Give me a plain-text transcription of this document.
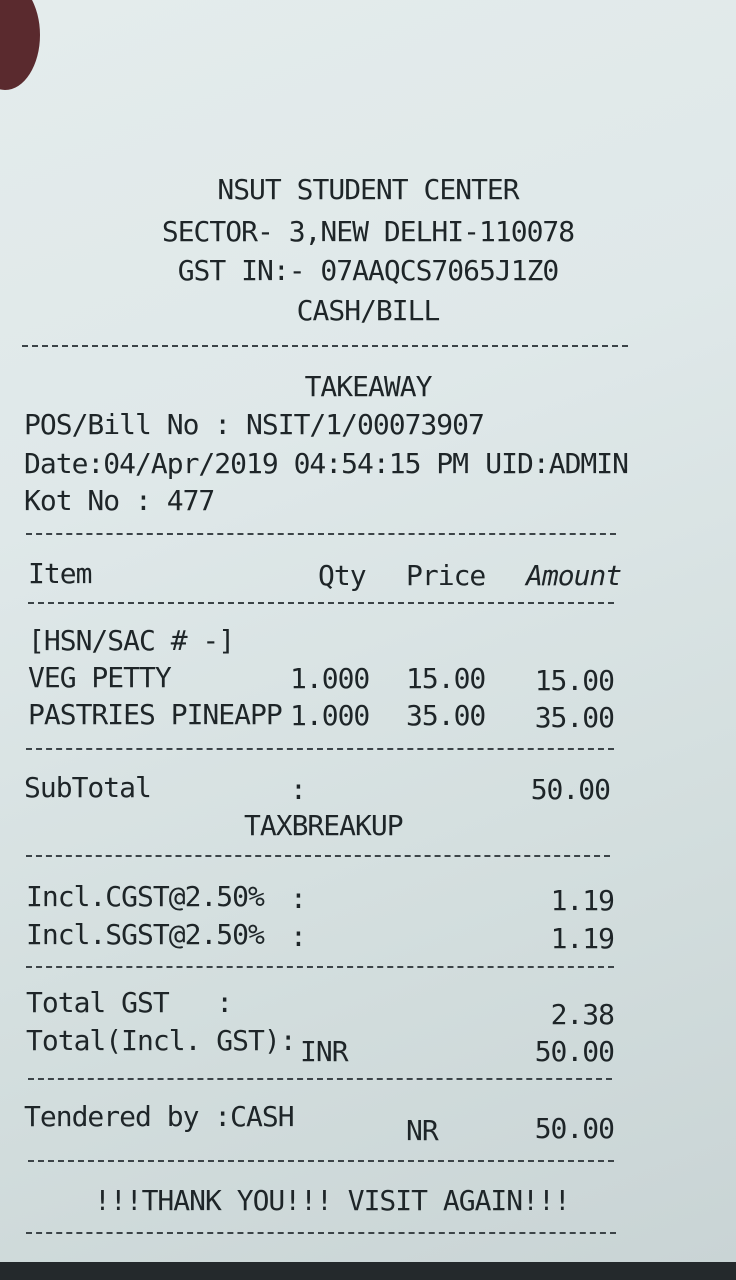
NSUT STUDENT CENTER
SECTOR- 3,NEW DELHI-110078
GST IN:- 07AAQCS7065J1Z0
CASH/BILL
TAKEAWAY
POS/Bill No : NSIT/1/00073907
Date:04/Apr/2019 04:54:15 PM UID:ADMIN
Kot No : 477
Item	Qty Price Amount
[HSN/SAC # -]
VEG PETTY	1.000 15.00 15.00
PASTRIES PINEAPP 1.000 35.00 35.00
SubTotal	:	50.00
TAXBREAKUP
Incl.CGST@2.50% :	1.19
Incl.SGST@2.50% :	1.19
Total GST   :	2.38
Total(Incl. GST): INR	50.00
Tendered by :CASH	NR	50.00
!!!THANK YOU!!! VISIT AGAIN!!!
